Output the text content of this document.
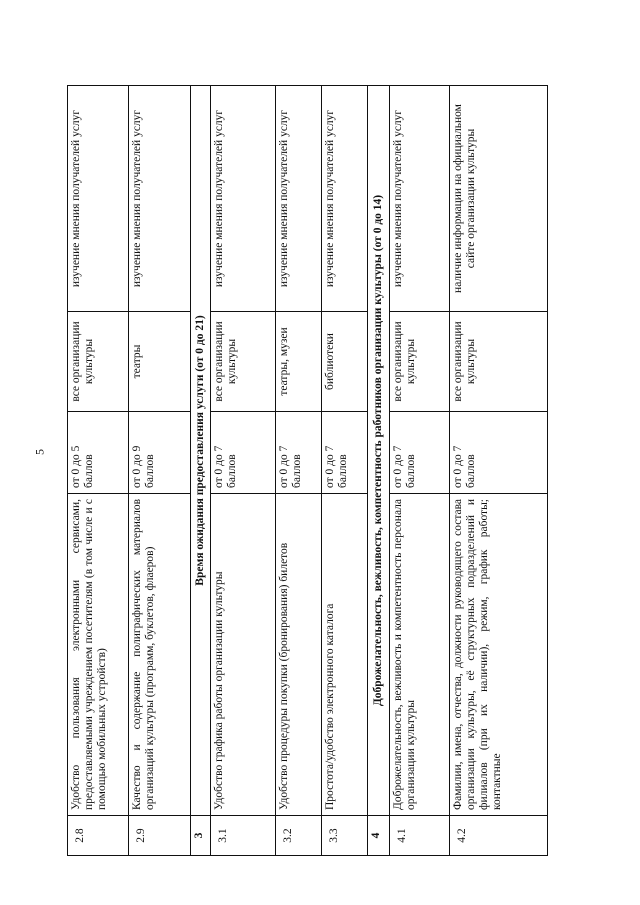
5
2.8	Удобство пользования электронными сервисами, предоставляемыми учреждением посетителям (в том числе и с помощью мобильных устройств)	от 0 до 5 баллов	все организации культуры	изучение мнения получателей услуг
2.9	Качество и содержание полиграфических материалов организаций культуры (программ, буклетов, флаеров)	от 0 до 9 баллов	театры	изучение мнения получателей услуг
3	Время ожидания предоставления услуги (от 0 до 21)			
3.1	Удобство графика работы организации культуры	от 0 до 7 баллов	все организации культуры	изучение мнения получателей услуг
3.2	Удобство процедуры покупки (бронирования) билетов	от 0 до 7 баллов	театры, музеи	изучение мнения получателей услуг
3.3	Простота/удобство электронного каталога	от 0 до 7 баллов	библиотеки	изучение мнения получателей услуг
4	Доброжелательность, вежливость, компетентность работников организации культуры (от 0 до 14)			
4.1	Доброжелательность, вежливость и компетентность персонала организации культуры	от 0 до 7 баллов	все организации культуры	изучение мнения получателей услуг
4.2	Фамилии, имена, отчества, должности руководящего состава организации культуры, её структурных подразделений и филиалов (при их наличии), режим, график работы; контактные	от 0 до 7 баллов	все организации культуры	наличие информации на официальном сайте организации культуры
